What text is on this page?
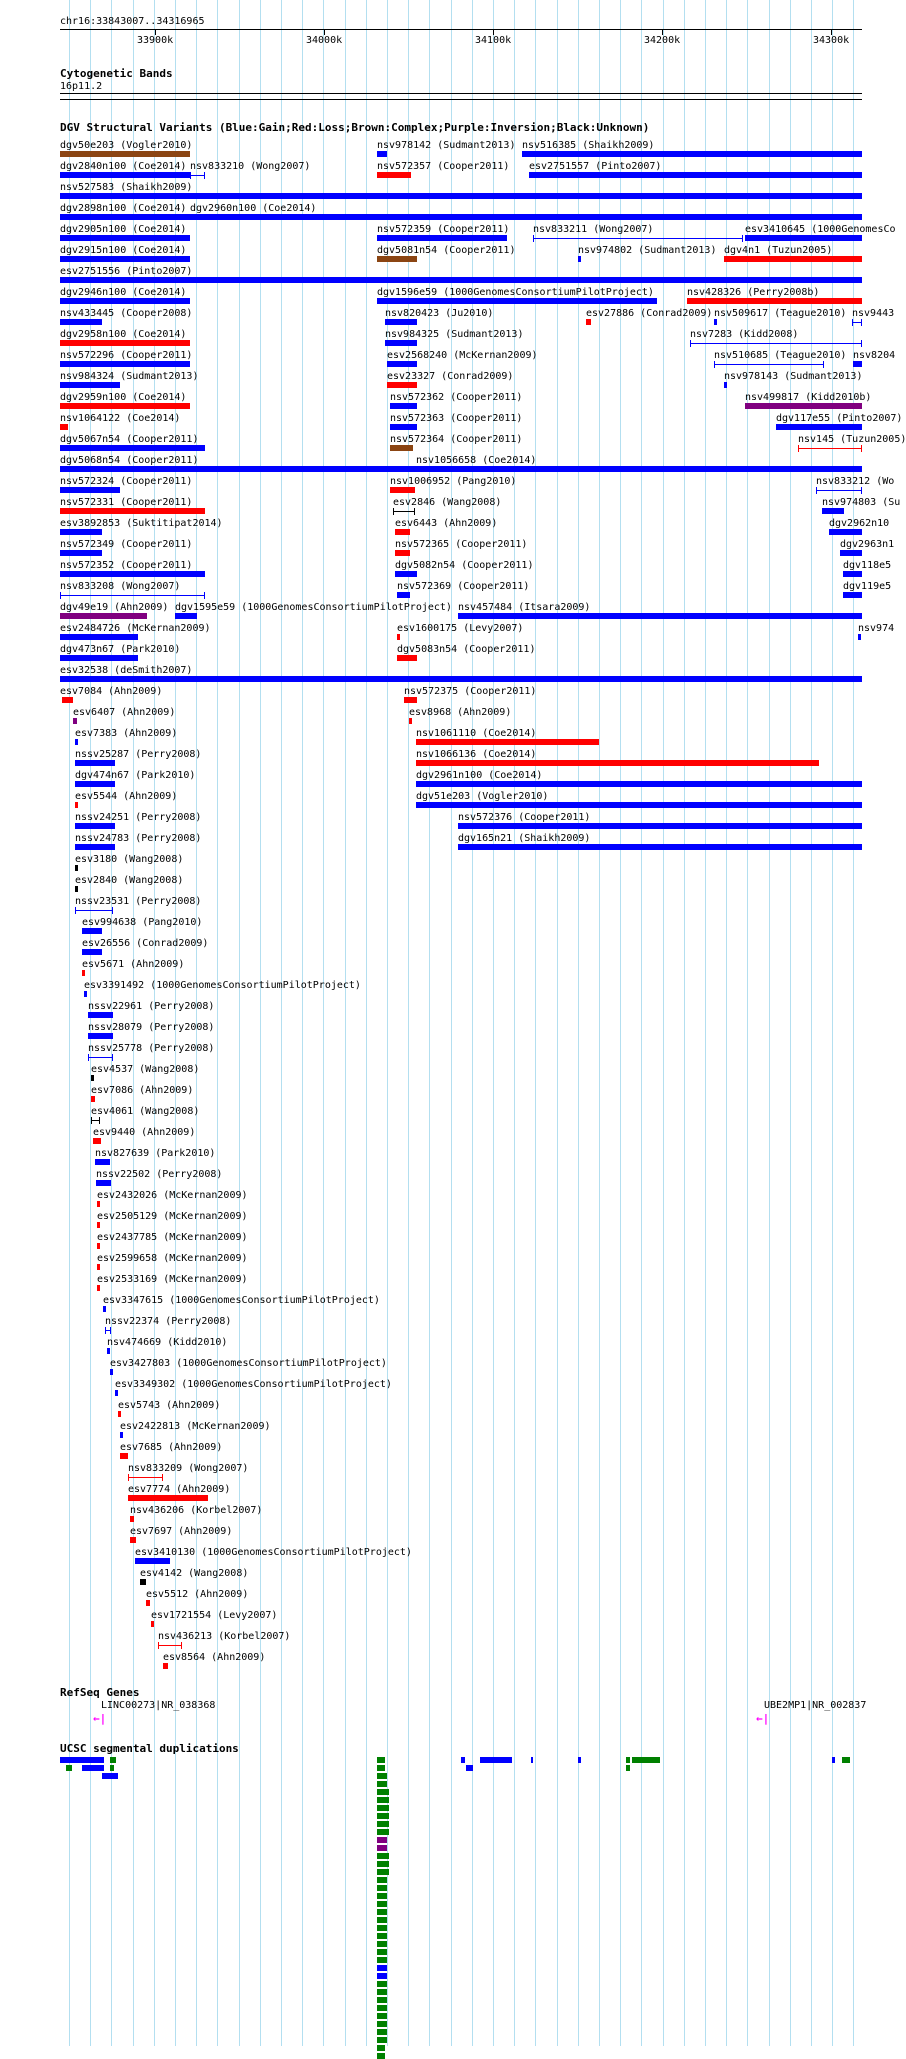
chr16:33843007..34316965
33900k	34000k	34100k	34200k	34300k
Cytogenetic Bands
16p11.2
DGV Structural Variants (Blue:Gain;Red:Loss;Brown:Complex;Purple:Inversion;Black:Unknown)
dgv50e203 (Vogler2010)	nsv978142 (Sudmant2013) nsv516385 (Shaikh2009)
dgv2840n100 (Coe2014) nsv833210 (Wong2007)	nsv572357 (Cooper2011) esv2751557 (Pinto2007)
nsv527583 (Shaikh2009)
dgv2898n100 (Coe2014) dgv2960n100 (Coe2014)
dgv2905n100 (Coe2014)	nsv572359 (Cooper2011) nsv833211 (Wong2007)	esv3410645 (1000GenomesCo
dgv2915n100 (Coe2014)	dgv5081n54 (Cooper2011)	nsv974802 (Sudmant2013) dgv4n1 (Tuzun2005)
esv2751556 (Pinto2007)
dgv2946n100 (Coe2014)	dgv1596e59 (1000GenomesConsortiumPilotProject)	nsv428326 (Perry2008b)
nsv433445 (Cooper2008)	nsv820423 (Ju2010)	esv27886 (Conrad2009) nsv509617 (Teague2010) nsv9443
dgv2958n100 (Coe2014)	nsv984325 (Sudmant2013)	nsv7283 (Kidd2008)
nsv572296 (Cooper2011)	esv2568240 (McKernan2009)	nsv510685 (Teague2010) nsv8204
nsv984324 (Sudmant2013)	esv23327 (Conrad2009)	nsv978143 (Sudmant2013)
dgv2959n100 (Coe2014)	nsv572362 (Cooper2011)	nsv499817 (Kidd2010b)
nsv1064122 (Coe2014)	nsv572363 (Cooper2011)	dgv117e55 (Pinto2007)
dgv5067n54 (Cooper2011)	nsv572364 (Cooper2011)	nsv145 (Tuzun2005)
dgv5068n54 (Cooper2011)	nsv1056658 (Coe2014)
nsv572324 (Cooper2011)	nsv1006952 (Pang2010)	nsv833212 (Wo
nsv572331 (Cooper2011)	esv2846 (Wang2008)	nsv974803 (Su
esv3892853 (Suktitipat2014)	esv6443 (Ahn2009)	dgv2962n10
nsv572349 (Cooper2011)	nsv572365 (Cooper2011)	dgv2963n1
nsv572352 (Cooper2011)	dgv5082n54 (Cooper2011)	dgv118e5
nsv833208 (Wong2007)	nsv572369 (Cooper2011)	dgv119e5
dgv49e19 (Ahn2009) dgv1595e59 (1000GenomesConsortiumPilotProject) nsv457484 (Itsara2009)
esv2484726 (McKernan2009)	esv1600175 (Levy2007)	nsv974
dgv473n67 (Park2010)	dgv5083n54 (Cooper2011)
esv32538 (deSmith2007)
esv7084 (Ahn2009)	nsv572375 (Cooper2011)
esv6407 (Ahn2009)	esv8968 (Ahn2009)
esv7383 (Ahn2009)	nsv1061110 (Coe2014)
nssv25287 (Perry2008)	nsv1066136 (Coe2014)
dgv474n67 (Park2010)	dgv2961n100 (Coe2014)
esv5544 (Ahn2009)	dgv51e203 (Vogler2010)
nssv24251 (Perry2008)	nsv572376 (Cooper2011)
nssv24783 (Perry2008)	dgv165n21 (Shaikh2009)
esv3180 (Wang2008)
esv2840 (Wang2008)
nssv23531 (Perry2008)
esv994638 (Pang2010)
esv26556 (Conrad2009)
esv5671 (Ahn2009)
esv3391492 (1000GenomesConsortiumPilotProject)
nssv22961 (Perry2008)
nssv28079 (Perry2008)
nssv25778 (Perry2008)
esv4537 (Wang2008)
esv7086 (Ahn2009)
esv4061 (Wang2008)
esv9440 (Ahn2009)
nsv827639 (Park2010)
nssv22502 (Perry2008)
esv2432026 (McKernan2009)
esv2505129 (McKernan2009)
esv2437785 (McKernan2009)
esv2599658 (McKernan2009)
esv2533169 (McKernan2009)
esv3347615 (1000GenomesConsortiumPilotProject)
nssv22374 (Perry2008)
nsv474669 (Kidd2010)
esv3427803 (1000GenomesConsortiumPilotProject)
esv3349302 (1000GenomesConsortiumPilotProject)
esv5743 (Ahn2009)
esv2422813 (McKernan2009)
esv7685 (Ahn2009)
nsv833209 (Wong2007)
esv7774 (Ahn2009)
nsv436206 (Korbel2007)
esv7697 (Ahn2009)
esv3410130 (1000GenomesConsortiumPilotProject)
esv4142 (Wang2008)
esv5512 (Ahn2009)
esv1721554 (Levy2007)
nsv436213 (Korbel2007)
esv8564 (Ahn2009)
RefSeq Genes
LINC00273|NR_038368
←|
UBE2MP1|NR_002837
←|
UCSC segmental duplications
